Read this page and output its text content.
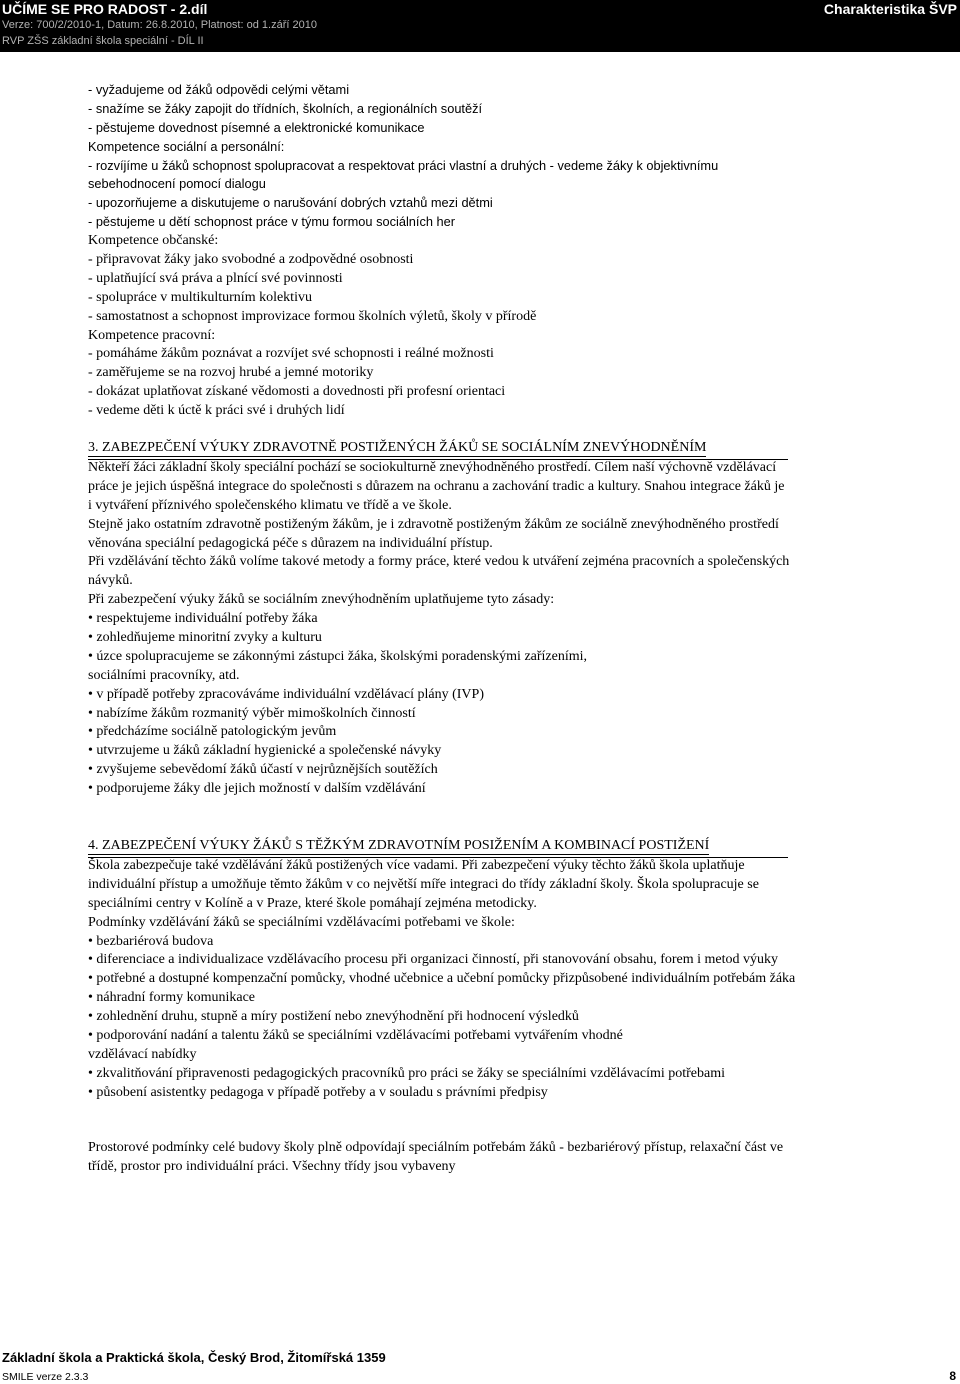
UČÍME SE PRO RADOST - 2.díl
Verze: 700/2/2010-1, Datum: 26.8.2010, Platnost: od 1.září 2010
RVP ZŠS základní škola speciální - DÍL II
Charakteristika ŠVP
- vyžadujeme od žáků odpovědi celými větami
- snažíme se žáky zapojit do třídních, školních, a regionálních soutěží
- pěstujeme dovednost písemné a elektronické komunikace
Kompetence sociální a personální:
- rozvíjíme u žáků schopnost spolupracovat a respektovat práci vlastní a druhých - vedeme žáky k objektivnímu
sebehodnocení pomocí dialogu
- upozorňujeme a diskutujeme o narušování dobrých vztahů mezi dětmi
- pěstujeme u dětí schopnost práce v týmu formou sociálních her
Kompetence občanské:
- připravovat žáky jako svobodné a zodpovědné osobnosti
- uplatňující svá práva a plnící své povinnosti
- spolupráce v multikulturním kolektivu
- samostatnost a schopnost improvizace formou školních výletů, školy v přírodě
Kompetence pracovní:
- pomáháme žákům poznávat a rozvíjet své schopnosti i reálné možnosti
- zaměřujeme se na rozvoj hrubé a jemné motoriky
- dokázat uplatňovat získané vědomosti a dovednosti při profesní orientaci
- vedeme děti k úctě k práci své i druhých lidí
3. ZABEZPEČENÍ VÝUKY ZDRAVOTNĚ POSTIŽENÝCH ŽÁKŮ SE SOCIÁLNÍM ZNEVÝHODNĚNÍM
Někteří žáci základní školy speciální pochází se sociokulturně znevýhodněného prostředí. Cílem naší výchovně vzdělávací
práce je jejich úspěšná integrace do společnosti s důrazem na ochranu a zachování tradic a kultury. Snahou integrace žáků je
i vytváření příznivého společenského klimatu ve třídě a ve škole.
Stejně jako ostatním zdravotně postiženým žákům, je i zdravotně postiženým žákům ze sociálně znevýhodněného prostředí
věnována speciální pedagogická péče s důrazem na individuální přístup.
Při vzdělávání těchto žáků volíme takové metody a formy práce, které vedou k utváření zejména pracovních a společenských
návyků.
Při zabezpečení výuky žáků se sociálním znevýhodněním uplatňujeme tyto zásady:
• respektujeme individuální potřeby žáka
• zohledňujeme minoritní zvyky a kulturu
• úzce spolupracujeme se zákonnými zástupci žáka, školskými poradenskými zařízeními,
sociálními pracovníky, atd.
• v případě potřeby zpracováváme individuální vzdělávací plány (IVP)
• nabízíme žákům rozmanitý výběr mimoškolních činností
• předcházíme sociálně patologickým jevům
• utvrzujeme u žáků základní hygienické a společenské návyky
• zvyšujeme sebevědomí žáků účastí v nejrůznějších soutěžích
• podporujeme žáky dle jejich možností v dalším vzdělávání
4. ZABEZPEČENÍ VÝUKY ŽÁKŮ S TĚŽKÝM ZDRAVOTNÍM POSIŽENÍM A KOMBINACÍ POSTIŽENÍ
Škola zabezpečuje také vzdělávání žáků postižených více vadami. Při zabezpečení výuky těchto žáků škola uplatňuje
individuální přístup a umožňuje těmto žákům v co největší míře integraci do třídy základní školy. Škola spolupracuje se
speciálními centry v Kolíně a v Praze, které škole pomáhají zejména metodicky.
Podmínky vzdělávání žáků se speciálními vzdělávacími potřebami ve škole:
• bezbariérová budova
• diferenciace a individualizace vzdělávacího procesu při organizaci činností, při stanovování obsahu, forem i metod výuky
• potřebné a dostupné kompenzační pomůcky, vhodné učebnice a učební pomůcky přizpůsobené individuálním potřebám žáka
• náhradní formy komunikace
• zohlednění druhu, stupně a míry postižení nebo znevýhodnění při hodnocení výsledků
• podporování nadání a talentu žáků se speciálními vzdělávacími potřebami vytvářením vhodné
vzdělávací nabídky
• zkvalitňování připravenosti pedagogických pracovníků pro práci se žáky se speciálními vzdělávacími potřebami
• působení asistentky pedagoga v případě potřeby a v souladu s právními předpisy
Prostorové podmínky celé budovy školy plně odpovídají speciálním potřebám žáků - bezbariérový přístup, relaxační část ve
třídě, prostor pro individuální práci. Všechny třídy jsou vybaveny
Základní škola a Praktická škola, Český Brod, Žitomířská 1359
SMILE verze 2.3.3	8
